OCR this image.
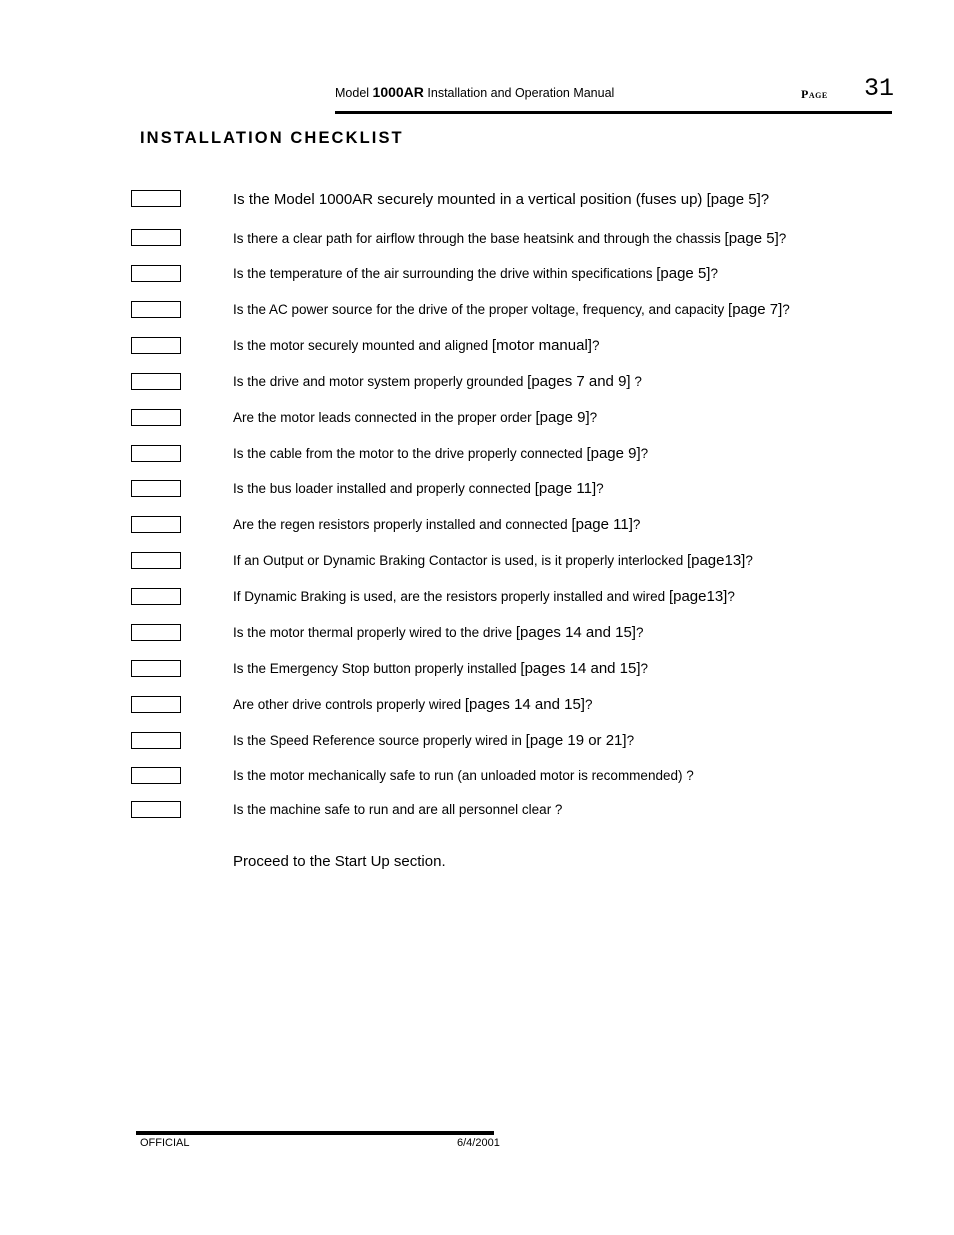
Model 1000AR Installation and Operation Manual	Page 31
INSTALLATION CHECKLIST
Is the Model 1000AR securely mounted in a vertical position (fuses up) [page 5]?
Is there a clear path for airflow through the base heatsink and through the chassis [page 5]?
Is the temperature of the air surrounding the drive within specifications [page 5]?
Is the AC power source for the drive of the proper voltage, frequency, and capacity [page 7]?
Is the motor securely mounted and aligned [motor manual]?
Is the drive and motor system properly grounded [pages 7 and 9] ?
Are the motor leads connected in the proper order [page 9]?
Is the cable from the motor to the drive properly connected [page 9]?
Is the bus loader installed and properly connected [page 11]?
Are the regen resistors properly installed and connected [page 11]?
If an Output or Dynamic Braking Contactor is used, is it properly interlocked [page13]?
If Dynamic Braking is used, are the resistors properly installed and wired [page13]?
Is the motor thermal properly wired to the drive [pages 14 and 15]?
Is the Emergency Stop button properly installed [pages 14 and 15]?
Are other drive controls properly wired [pages 14 and 15]?
Is the Speed Reference source properly wired in [page 19 or 21]?
Is the motor mechanically safe to run (an unloaded motor is recommended) ?
Is the machine safe to run and are all personnel clear ?
Proceed to the Start Up section.
OFFICIAL	6/4/2001
